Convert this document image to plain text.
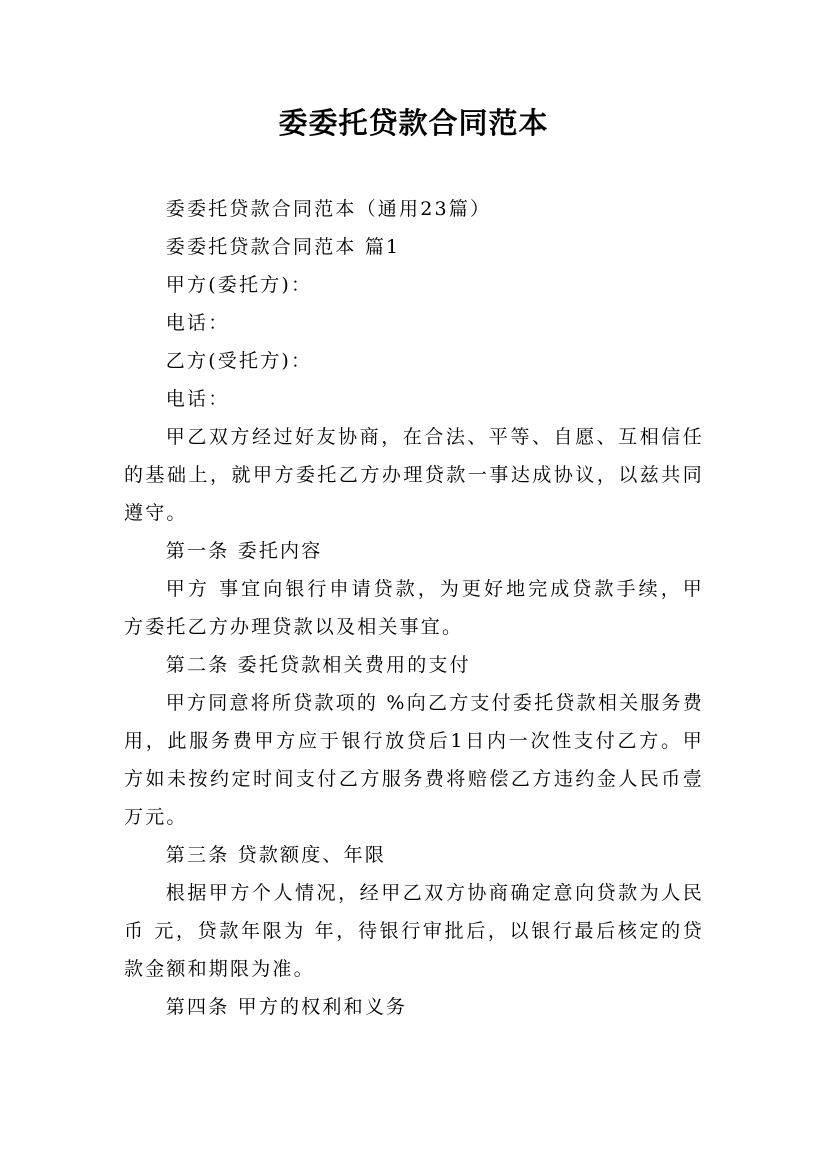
委委托贷款合同范本

委委托贷款合同范本（通用23篇）

委委托贷款合同范本 篇1

甲方(委托方)：

电话：

乙方(受托方)：

电话：

甲乙双方经过好友协商，在合法、平等、自愿、互相信任的基础上，就甲方委托乙方办理贷款一事达成协议，以兹共同遵守。

第一条 委托内容

甲方 事宜向银行申请贷款，为更好地完成贷款手续，甲方委托乙方办理贷款以及相关事宜。

第二条 委托贷款相关费用的支付

甲方同意将所贷款项的 %向乙方支付委托贷款相关服务费用，此服务费甲方应于银行放贷后1日内一次性支付乙方。甲方如未按约定时间支付乙方服务费将赔偿乙方违约金人民币壹万元。

第三条 贷款额度、年限

根据甲方个人情况，经甲乙双方协商确定意向贷款为人民币 元，贷款年限为 年，待银行审批后，以银行最后核定的贷款金额和期限为准。

第四条 甲方的权利和义务
